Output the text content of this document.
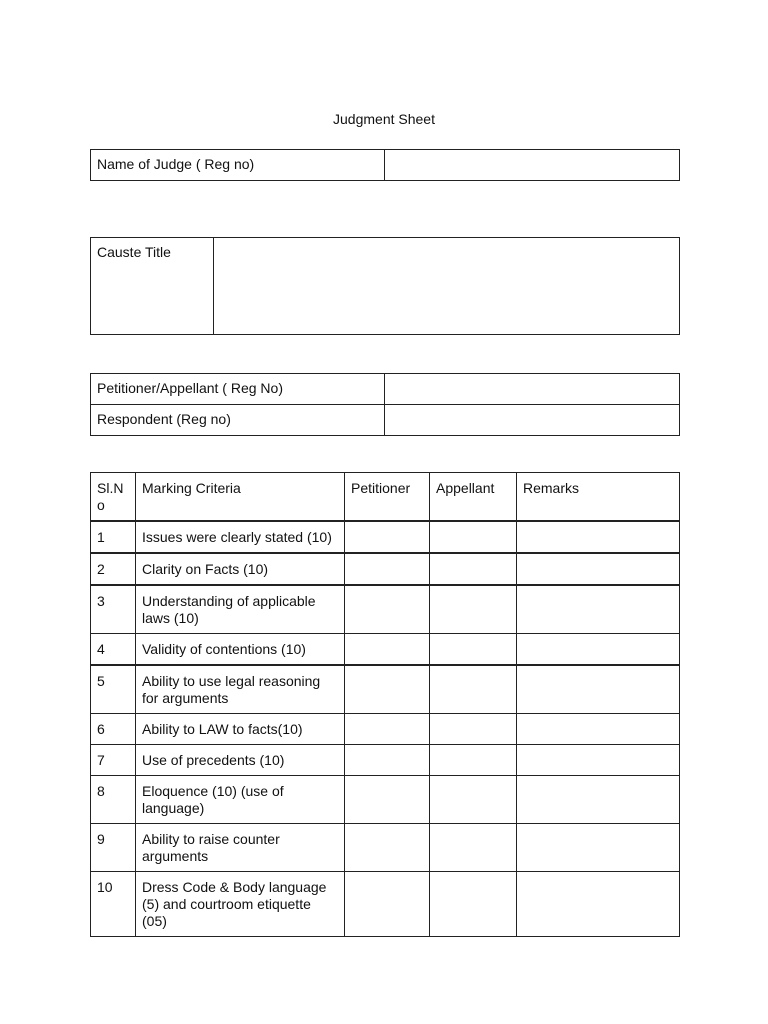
Judgment Sheet
Name of Judge ( Reg no)	
Causte Title	
Petitioner/Appellant ( Reg No)	
Respondent (Reg no)	
Sl.N o	Marking Criteria	Petitioner	Appellant	Remarks
1	Issues were clearly stated (10)			
2	Clarity on Facts (10)			
3	Understanding of applicable laws (10)			
4	Validity of contentions (10)			
5	Ability to use legal reasoning for arguments			
6	Ability to LAW to facts(10)			
7	Use of precedents (10)			
8	Eloquence (10) (use of language)			
9	Ability to raise counter arguments			
10	Dress Code & Body language (5) and courtroom etiquette (05)			
